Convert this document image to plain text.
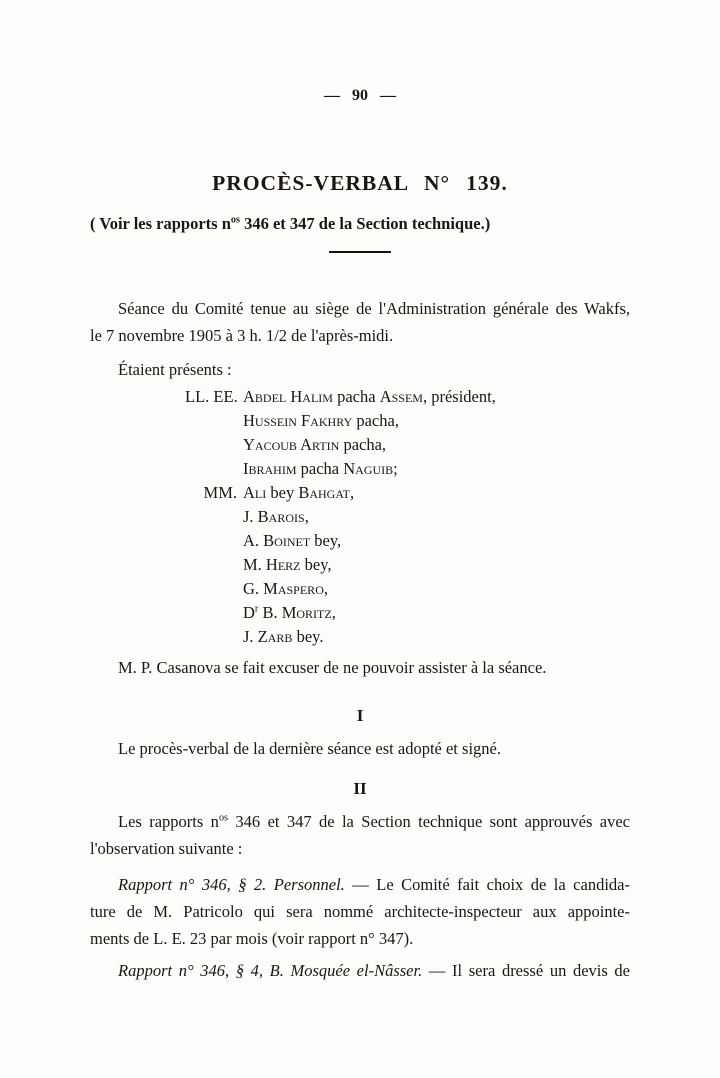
— 90 —
PROCÈS-VERBAL N° 139.
( Voir les rapports $n^{os}$ 346 et 347 de la Section technique.)
Séance du Comité tenue au siège de l'Administration générale des Wakfs,
le 7 novembre 1905 à 3 h. 1/2 de l'après-midi.
Étaient présents :
LL. EE. Abdel Halim pacha Assem, président,
Hussein Fakhry pacha,
Yacoub Artin pacha,
Ibrahim pacha Naguib;
MM. Ali bey Bahgat,
J. Barois,
A. Boinet bey,
M. Herz bey,
G. Maspero,
$D^r$ B. Moritz,
J. Zarb bey.
M. P. Casanova se fait excuser de ne pouvoir assister à la séance.
I
Le procès-verbal de la dernière séance est adopté et signé.
II
Les rapports $n^{os}$ 346 et 347 de la Section technique sont approuvés avec
l'observation suivante :
Rapport n° 346, § 2. Personnel. — Le Comité fait choix de la candida-
ture de M. Patricolo qui sera nommé architecte-inspecteur aux appointe-
ments de L. E. 23 par mois (voir rapport n° 347).
Rapport n° 346, § 4, B. Mosquée el-Nâsser. — Il sera dressé un devis de
